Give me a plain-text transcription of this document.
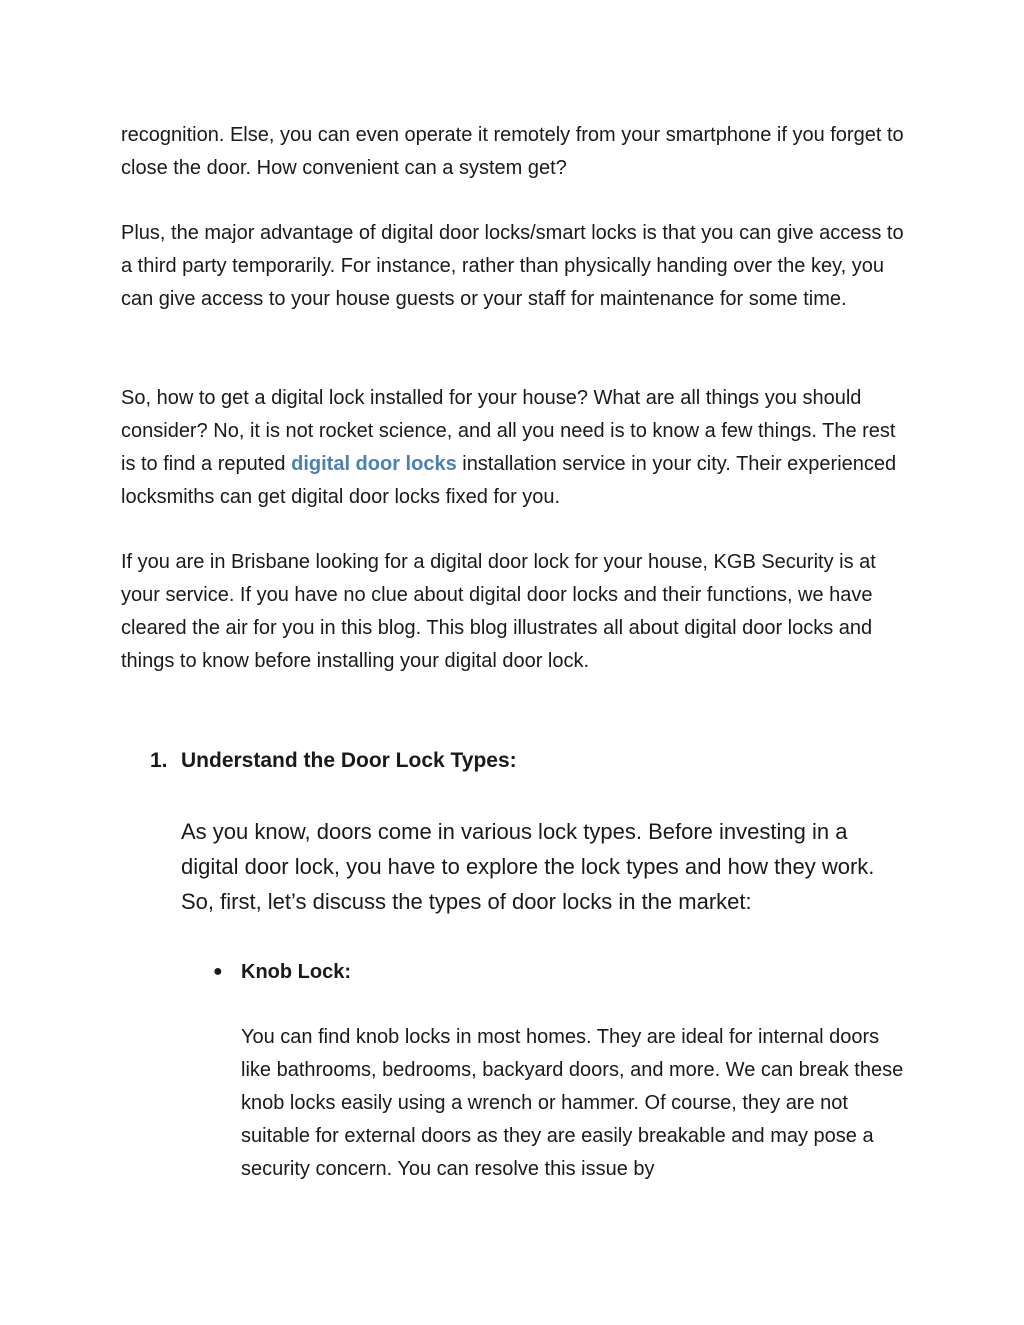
recognition. Else, you can even operate it remotely from your smartphone if you forget to close the door. How convenient can a system get?

Plus, the major advantage of digital door locks/smart locks is that you can give access to a third party temporarily. For instance, rather than physically handing over the key, you can give access to your house guests or your staff for maintenance for some time.

So, how to get a digital lock installed for your house? What are all things you should consider? No, it is not rocket science, and all you need is to know a few things. The rest is to find a reputed digital door locks installation service in your city. Their experienced locksmiths can get digital door locks fixed for you.

If you are in Brisbane looking for a digital door lock for your house, KGB Security is at your service. If you have no clue about digital door locks and their functions, we have cleared the air for you in this blog. This blog illustrates all about digital door locks and things to know before installing your digital door lock.

1. Understand the Door Lock Types:

As you know, doors come in various lock types. Before investing in a digital door lock, you have to explore the lock types and how they work. So, first, let’s discuss the types of door locks in the market:

● Knob Lock:

You can find knob locks in most homes. They are ideal for internal doors like bathrooms, bedrooms, backyard doors, and more. We can break these knob locks easily using a wrench or hammer. Of course, they are not suitable for external doors as they are easily breakable and may pose a security concern. You can resolve this issue by
